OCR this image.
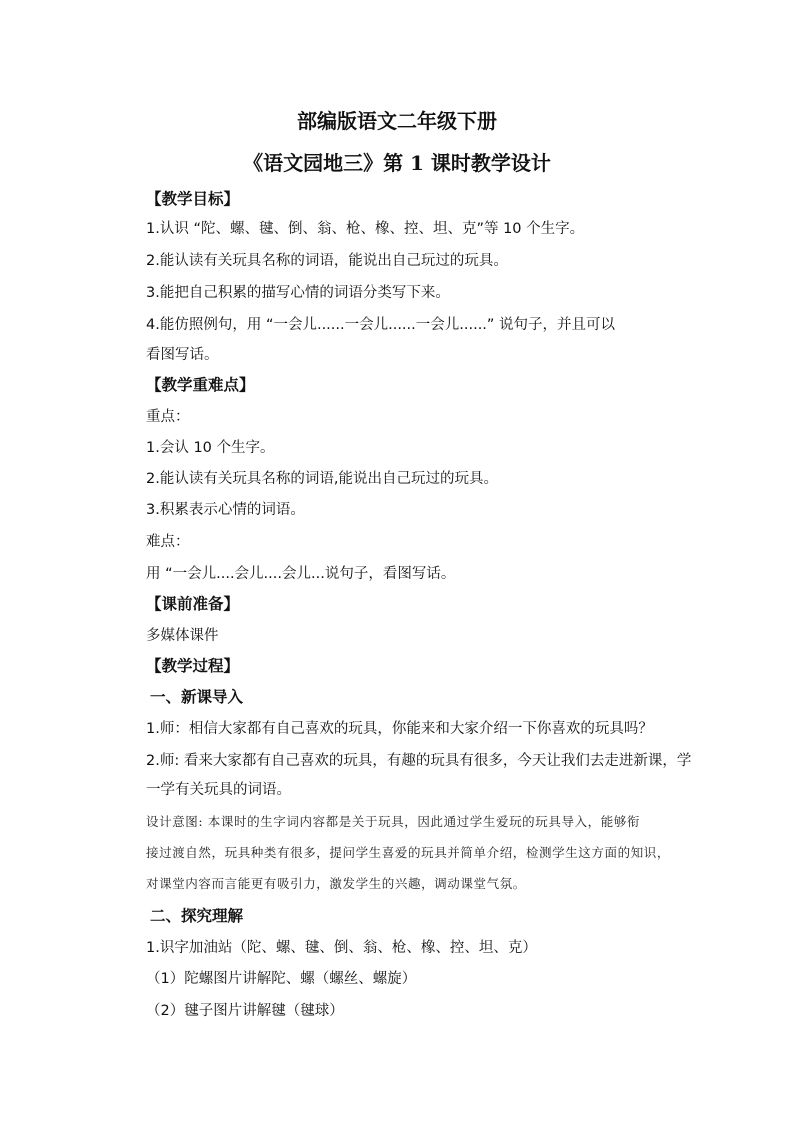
部编版语文二年级下册
《语文园地三》第 1 课时教学设计
【教学目标】
1.认识 “陀、螺、毽、倒、翁、枪、橡、控、坦、克”等 10 个生字。
2.能认读有关玩具名称的词语，能说出自己玩过的玩具。
3.能把自己积累的描写心情的词语分类写下来。
4.能仿照例句，用 “一会儿......一会儿......一会儿......” 说句子，并且可以
看图写话。
【教学重难点】
重点：
1.会认 10 个生字。
2.能认读有关玩具名称的词语,能说出自己玩过的玩具。
3.积累表示心情的词语。
难点：
用 “一会儿....会儿....会儿...说句子，看图写话。
【课前准备】
多媒体课件
【教学过程】
一、新课导入
1.师：相信大家都有自己喜欢的玩具，你能来和大家介绍一下你喜欢的玩具吗？
2.师: 看来大家都有自己喜欢的玩具，有趣的玩具有很多，今天让我们去走进新课，学
一学有关玩具的词语。
设计意图: 本课时的生字词内容都是关于玩具，因此通过学生爱玩的玩具导入，能够衔
接过渡自然，玩具种类有很多，提问学生喜爱的玩具并简单介绍，检测学生这方面的知识，
对课堂内容而言能更有吸引力，激发学生的兴趣，调动课堂气氛。
二、探究理解
1.识字加油站（陀、螺、毽、倒、翁、枪、橡、控、坦、克）
（1）陀螺图片讲解陀、螺（螺丝、螺旋）
（2）毽子图片讲解毽（毽球）
